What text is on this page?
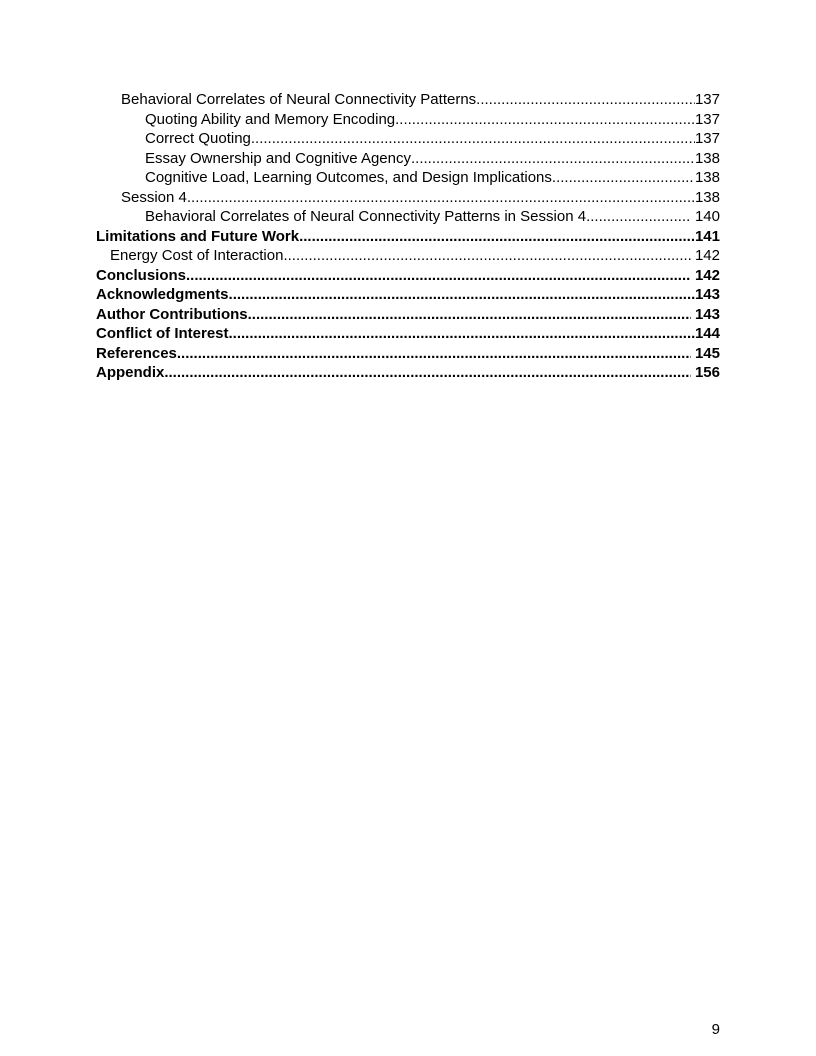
Behavioral Correlates of Neural Connectivity Patterns .....	137
Quoting Ability and Memory Encoding .....	137
Correct Quoting .....	137
Essay Ownership and Cognitive Agency .....	138
Cognitive Load, Learning Outcomes, and Design Implications .....	138
Session 4 .....	138
Behavioral Correlates of Neural Connectivity Patterns in Session 4 .....	140
Limitations and Future Work .....	141
Energy Cost of Interaction .....	142
Conclusions .....	142
Acknowledgments .....	143
Author Contributions .....	143
Conflict of Interest .....	144
References .....	145
Appendix .....	156
9
